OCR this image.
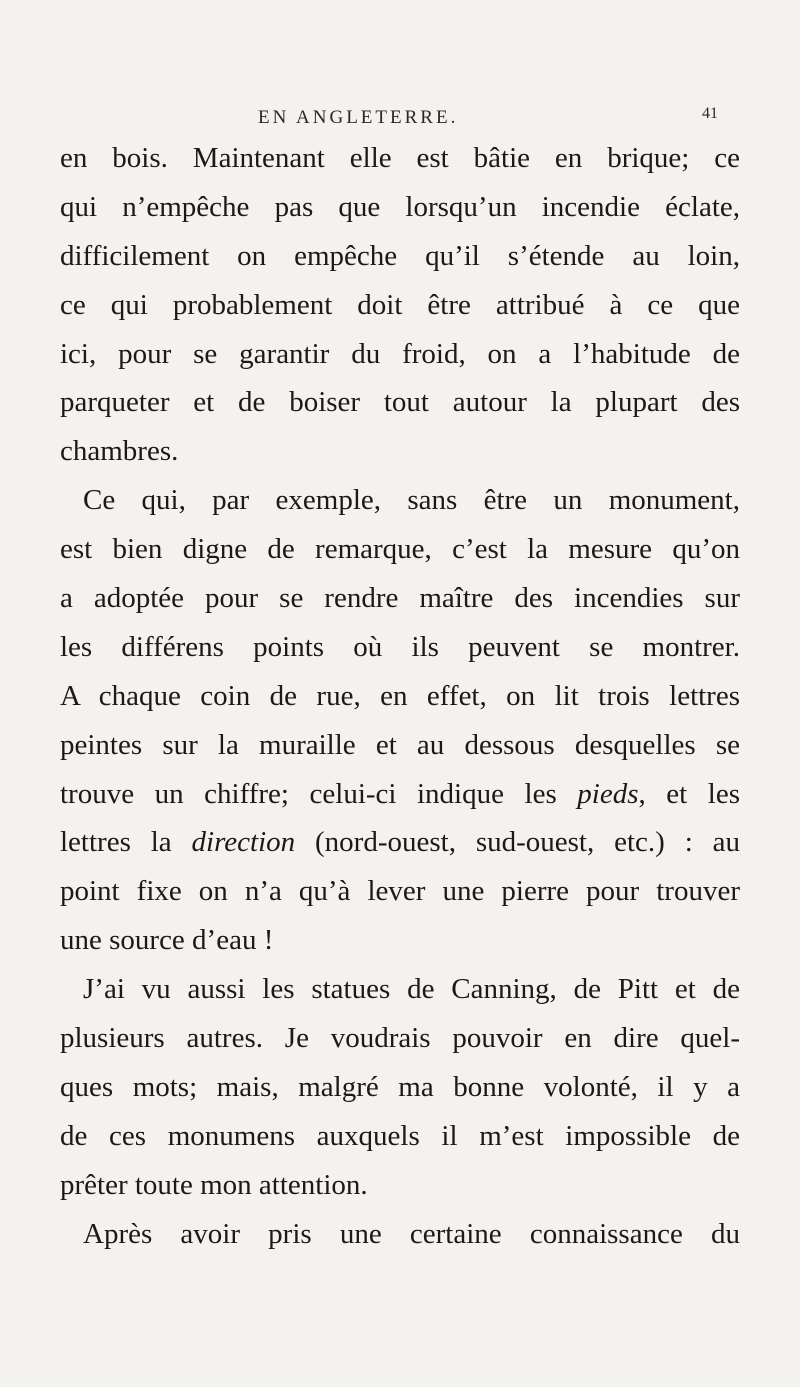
EN ANGLETERRE.	41
en bois. Maintenant elle est bâtie en brique; ce
qui n’empêche pas que lorsqu’un incendie éclate,
difficilement on empêche qu’il s’étende au loin,
ce qui probablement doit être attribué à ce que
ici, pour se garantir du froid, on a l’habitude de
parqueter et de boiser tout autour la plupart des
chambres.
Ce qui, par exemple, sans être un monument,
est bien digne de remarque, c’est la mesure qu’on
a adoptée pour se rendre maître des incendies sur
les différens points où ils peuvent se montrer.
A chaque coin de rue, en effet, on lit trois lettres
peintes sur la muraille et au dessous desquelles se
trouve un chiffre; celui-ci indique les pieds, et les
lettres la direction (nord-ouest, sud-ouest, etc.) : au
point fixe on n’a qu’à lever une pierre pour trouver
une source d’eau !
J’ai vu aussi les statues de Canning, de Pitt et de
plusieurs autres. Je voudrais pouvoir en dire quel-
ques mots; mais, malgré ma bonne volonté, il y a
de ces monumens auxquels il m’est impossible de
prêter toute mon attention.
Après avoir pris une certaine connaissance du
